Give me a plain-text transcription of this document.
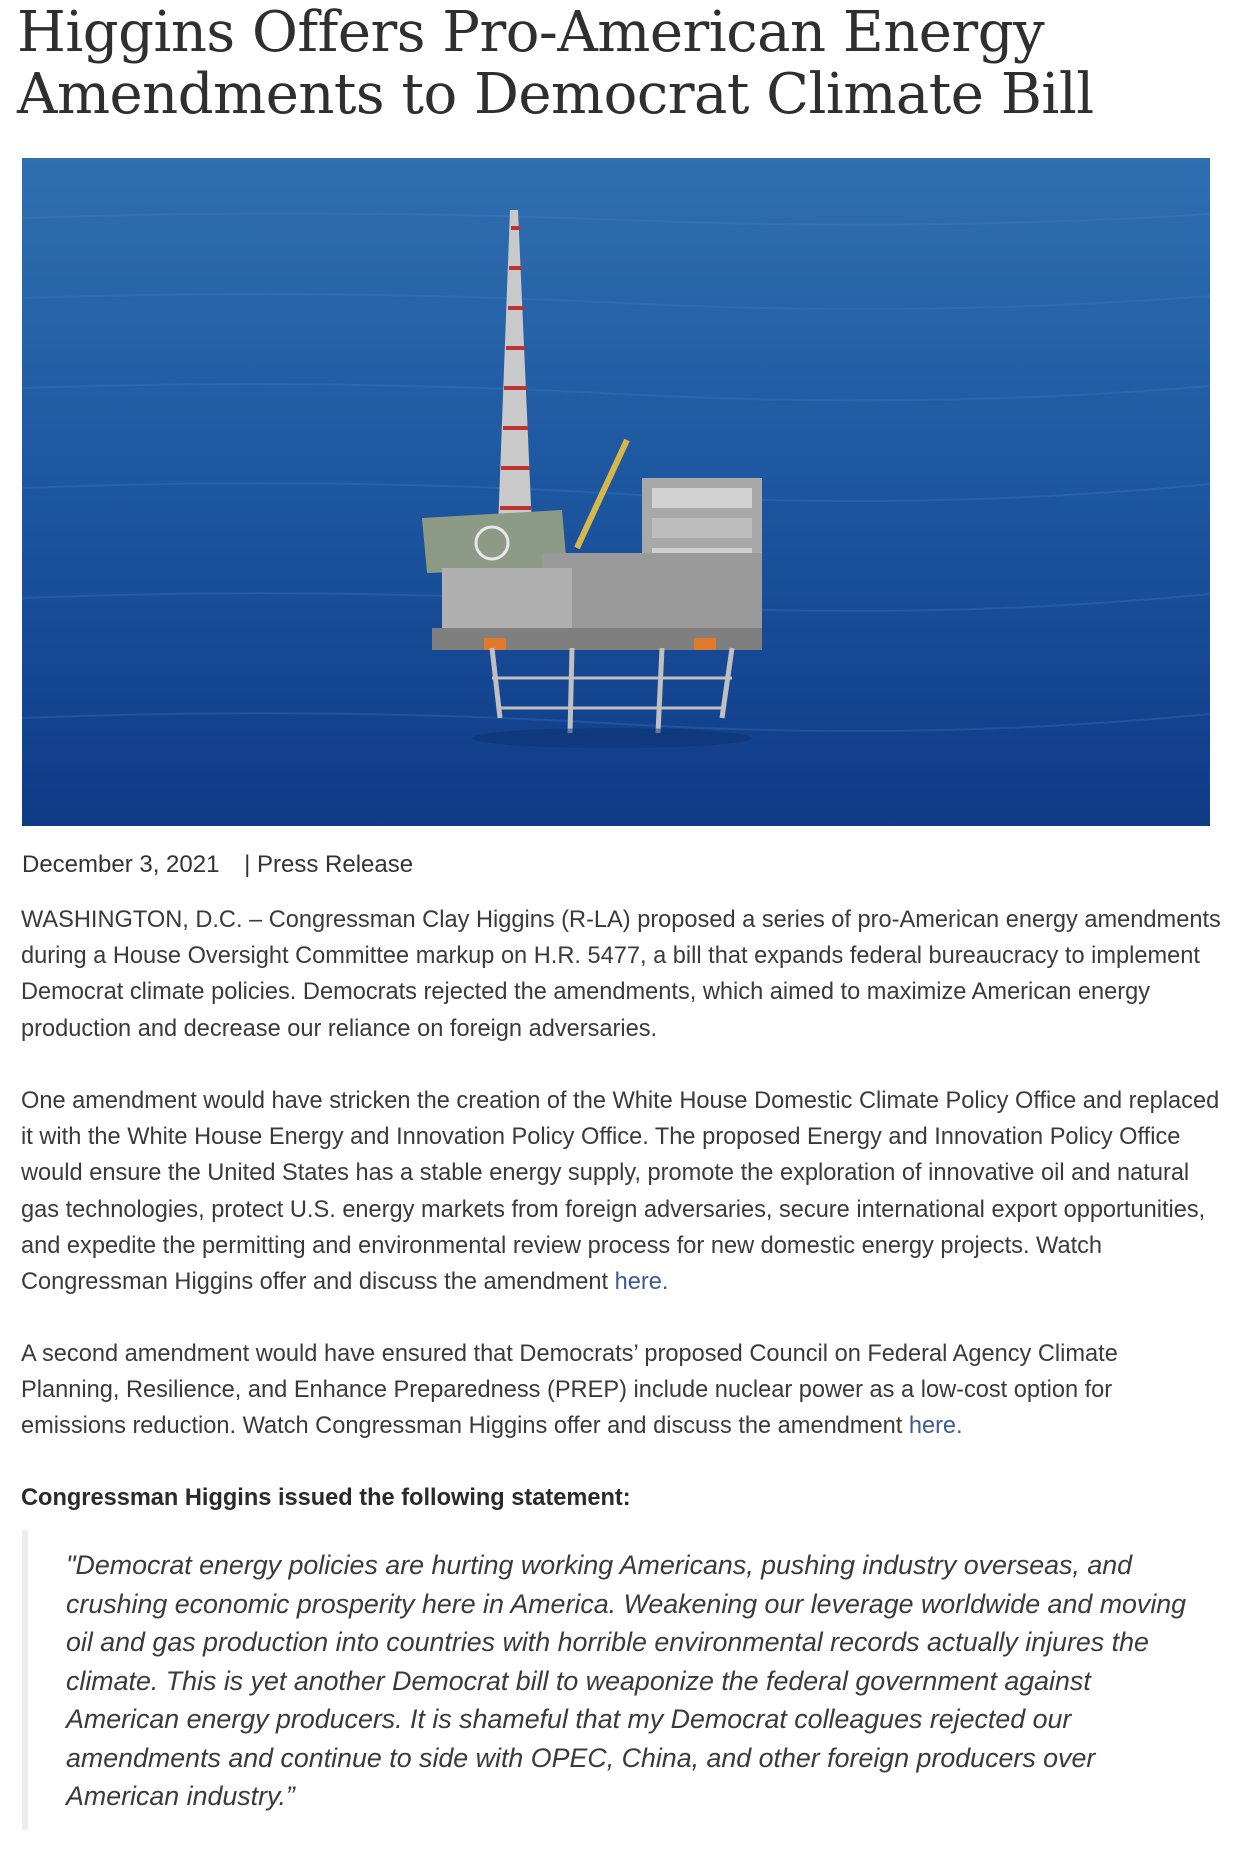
Higgins Offers Pro-American Energy Amendments to Democrat Climate Bill

December 3, 2021 | Press Release

WASHINGTON, D.C. – Congressman Clay Higgins (R-LA) proposed a series of pro-American energy amendments during a House Oversight Committee markup on H.R. 5477, a bill that expands federal bureaucracy to implement Democrat climate policies. Democrats rejected the amendments, which aimed to maximize American energy production and decrease our reliance on foreign adversaries.

One amendment would have stricken the creation of the White House Domestic Climate Policy Office and replaced it with the White House Energy and Innovation Policy Office. The proposed Energy and Innovation Policy Office would ensure the United States has a stable energy supply, promote the exploration of innovative oil and natural gas technologies, protect U.S. energy markets from foreign adversaries, secure international export opportunities, and expedite the permitting and environmental review process for new domestic energy projects. Watch Congressman Higgins offer and discuss the amendment here.

A second amendment would have ensured that Democrats’ proposed Council on Federal Agency Climate Planning, Resilience, and Enhance Preparedness (PREP) include nuclear power as a low-cost option for emissions reduction. Watch Congressman Higgins offer and discuss the amendment here.

Congressman Higgins issued the following statement:

"Democrat energy policies are hurting working Americans, pushing industry overseas, and crushing economic prosperity here in America. Weakening our leverage worldwide and moving oil and gas production into countries with horrible environmental records actually injures the climate. This is yet another Democrat bill to weaponize the federal government against American energy producers. It is shameful that my Democrat colleagues rejected our amendments and continue to side with OPEC, China, and other foreign producers over American industry.”
